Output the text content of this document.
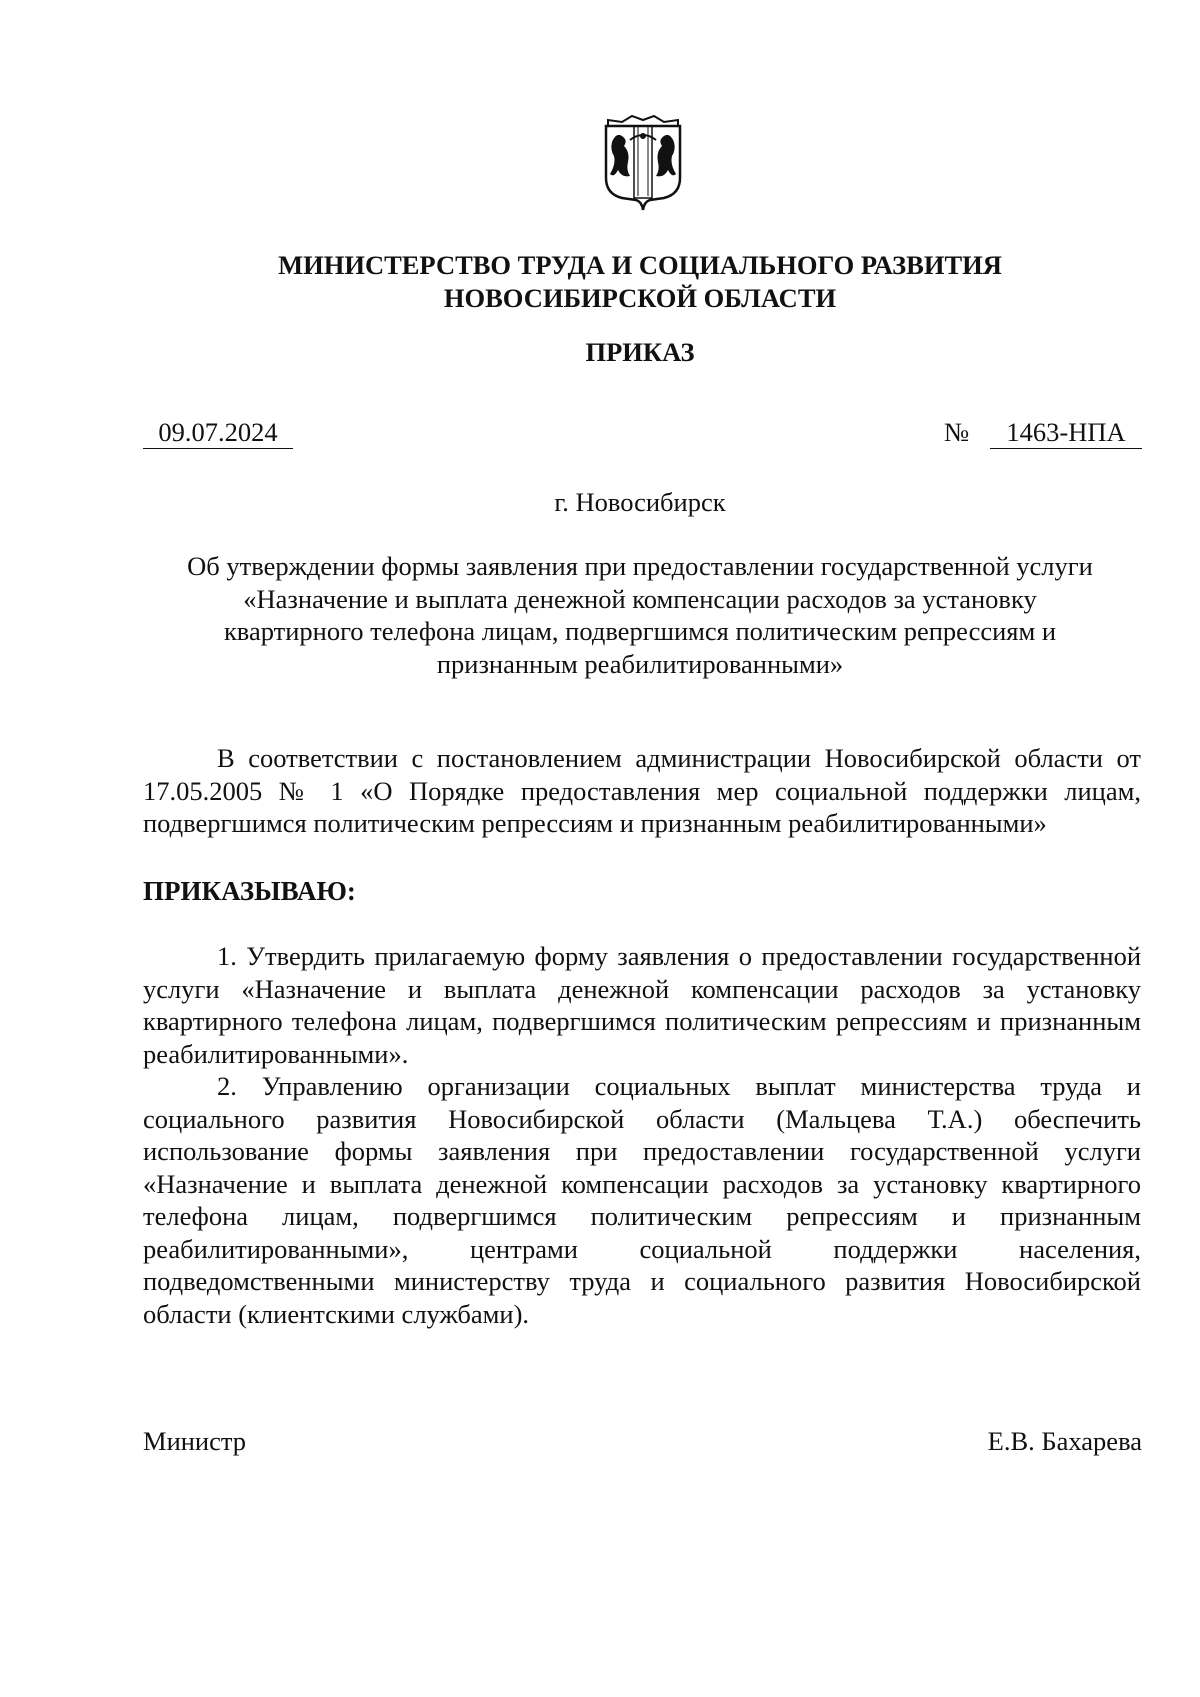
МИНИСТЕРСТВО ТРУДА И СОЦИАЛЬНОГО РАЗВИТИЯ
НОВОСИБИРСКОЙ ОБЛАСТИ
ПРИКАЗ
09.07.2024	№	1463-НПА
г. Новосибирск
Об утверждении формы заявления при предоставлении государственной услуги
«Назначение и выплата денежной компенсации расходов за установку
квартирного телефона лицам, подвергшимся политическим репрессиям и
признанным реабилитированными»
В соответствии с постановлением администрации Новосибирской области от 17.05.2005 № 1 «О Порядке предоставления мер социальной поддержки лицам, подвергшимся политическим репрессиям и признанным реабилитированными»
ПРИКАЗЫВАЮ:
1. Утвердить прилагаемую форму заявления о предоставлении государственной услуги «Назначение и выплата денежной компенсации расходов за установку квартирного телефона лицам, подвергшимся политическим репрессиям и признанным реабилитированными».
2. Управлению организации социальных выплат министерства труда и социального развития Новосибирской области (Мальцева Т.А.) обеспечить использование формы заявления при предоставлении государственной услуги «Назначение и выплата денежной компенсации расходов за установку квартирного телефона лицам, подвергшимся политическим репрессиям и признанным реабилитированными», центрами социальной поддержки населения, подведомственными министерству труда и социального развития Новосибирской области (клиентскими службами).
Министр	Е.В. Бахарева
